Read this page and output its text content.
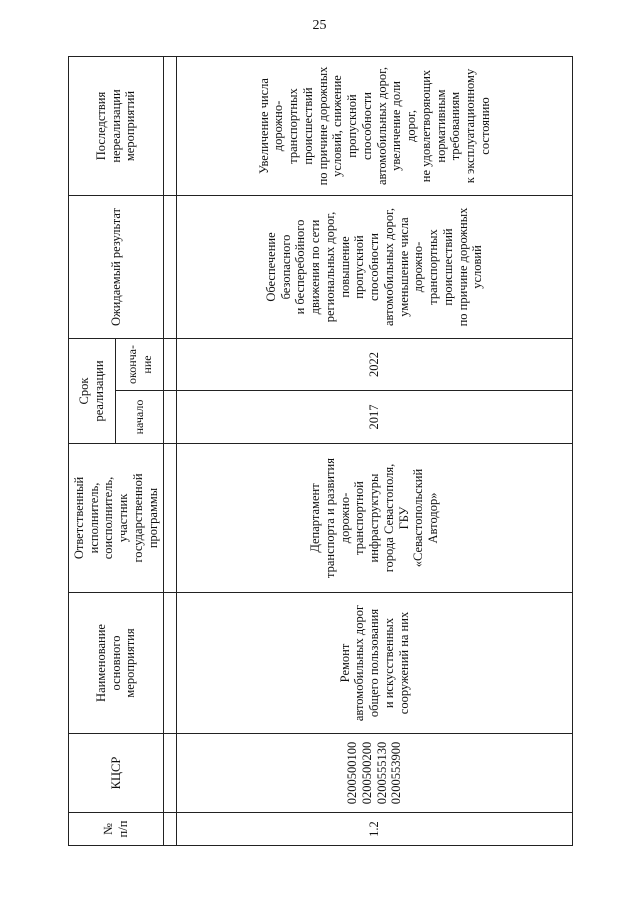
25
№
п/п
КЦСР
Наименование
основного
мероприятия
Ответственный
исполнитель,
соисполнитель,
участник
государственной
программы
Срок
реализации	начало
оконча-
ние
Ожидаемый результат
Последствия
нереализации
мероприятий
1.2
0200500100
0200500200
0200555130
0200553900
Ремонт
автомобильных дорог
общего пользования
и искусственных
сооружений на них
Департамент
транспорта и развития
дорожно-
транспортной
инфраструктуры
города Севастополя,
ГБУ
«Севастопольский
Автодор»
2017
2022
Обеспечение
безопасного
и бесперебойного
движения по сети
региональных дорог,
повышение
пропускной
способности
автомобильных дорог,
уменьшение числа
дорожно-
транспортных
происшествий
по причине дорожных
условий
Увеличение числа
дорожно-
транспортных
происшествий
по причине дорожных
условий, снижение
пропускной
способности
автомобильных дорог,
увеличение доли
дорог,
не удовлетворяющих
нормативным
требованиям
к эксплуатационному
состоянию
